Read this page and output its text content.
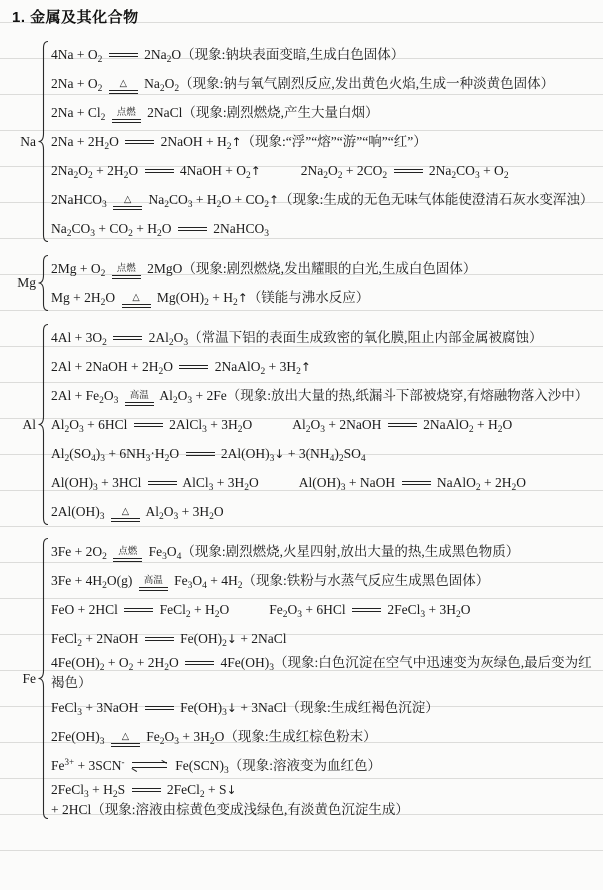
1. 金属及其化合物
Na
$4Na + O_2$	$2Na_2O$（现象:钠块表面变暗,生成白色固体）
$2Na + O_2$ △ $Na_2O_2$（现象:钠与氧气剧烈反应,发出黄色火焰,生成一种淡黄色固体）
$2Na + Cl_2$ 点燃 2NaCl（现象:剧烈燃烧,产生大量白烟）
$2Na + 2H_2O$	2NaOH + $H_2↑$（现象:“浮”“熔”“游”“响”“红”）
$2Na_2O_2 + 2H_2O$	4NaOH + $O_2↑$	$2Na_2O_2 + 2CO_2$	$2Na_2CO_3 + O_2$
2NaHCO$_3$ △ $Na_2CO_3 + H_2O$ + $CO_2↑$（现象:生成的无色无味气体能使澄清石灰水变浑浊）
$Na_2CO_3 + CO_2 + H_2O$	2NaHCO$_3$
Mg
$2Mg + O_2$ 点燃 2MgO（现象:剧烈燃烧,发出耀眼的白光,生成白色固体）
$Mg + 2H_2O$ △ $Mg(OH)_2$ + $H_2↑$（镁能与沸水反应）
Al
$4Al + 3O_2$	$2Al_2O_3$（常温下铝的表面生成致密的氧化膜,阻止内部金属被腐蚀）
2Al + 2NaOH + $2H_2O$	2NaAlO$_2$ + $3H_2↑$
$2Al + Fe_2O_3$ 高温 $Al_2O_3 + 2Fe$（现象:放出大量的热,纸漏斗下部被烧穿,有熔融物落入沙中）
$Al_2O_3 + 6HCl$	2AlCl$_3$ + $3H_2O$	$Al_2O_3$ + 2NaOH	2NaAlO$_2$ + $H_2O$
$Al_2(SO_4)_3 + 6NH_3\cdot H_2O$	$2Al(OH)_3↓ + 3(NH_4)_2SO_4$
$Al(OH)_3 + 3HCl$	AlCl$_3$ + $3H_2O$	$Al(OH)_3$ + NaOH	NaAlO$_2$ + $2H_2O$
$2Al(OH)_3$ △ $Al_2O_3 + 3H_2O$
Fe
$3Fe + 2O_2$ 点燃 $Fe_3O_4$（现象:剧烈燃烧,火星四射,放出大量的热,生成黑色物质）
$3Fe + 4H_2O(g)$ 高温 $Fe_3O_4 + 4H_2$（现象:铁粉与水蒸气反应生成黑色固体）
FeO + 2HCl	FeCl$_2$ + $H_2O$	$Fe_2O_3 + 6HCl$	2FeCl$_3$ + $3H_2O$
FeCl$_2$ + 2NaOH	$Fe(OH)_2↓$ + 2NaCl
$4Fe(OH)_2 + O_2 + 2H_2O$	$4Fe(OH)_3$（现象:白色沉淀在空气中迅速变为灰绿色,最后变为红褐色）
FeCl$_3$ + 3NaOH	$Fe(OH)_3↓$ + 3NaCl（现象:生成红褐色沉淀）
$2Fe(OH)_3$ △ $Fe_2O_3 + 3H_2O$（现象:生成红棕色粉末）
$Fe^{3+} + 3SCN^-$	$Fe(SCN)_3$（现象:溶液变为血红色）
2FeCl$_3$ + $H_2S$	2FeCl$_2$ + S↓ + 2HCl（现象:溶液由棕黄色变成浅绿色,有淡黄色沉淀生成）
